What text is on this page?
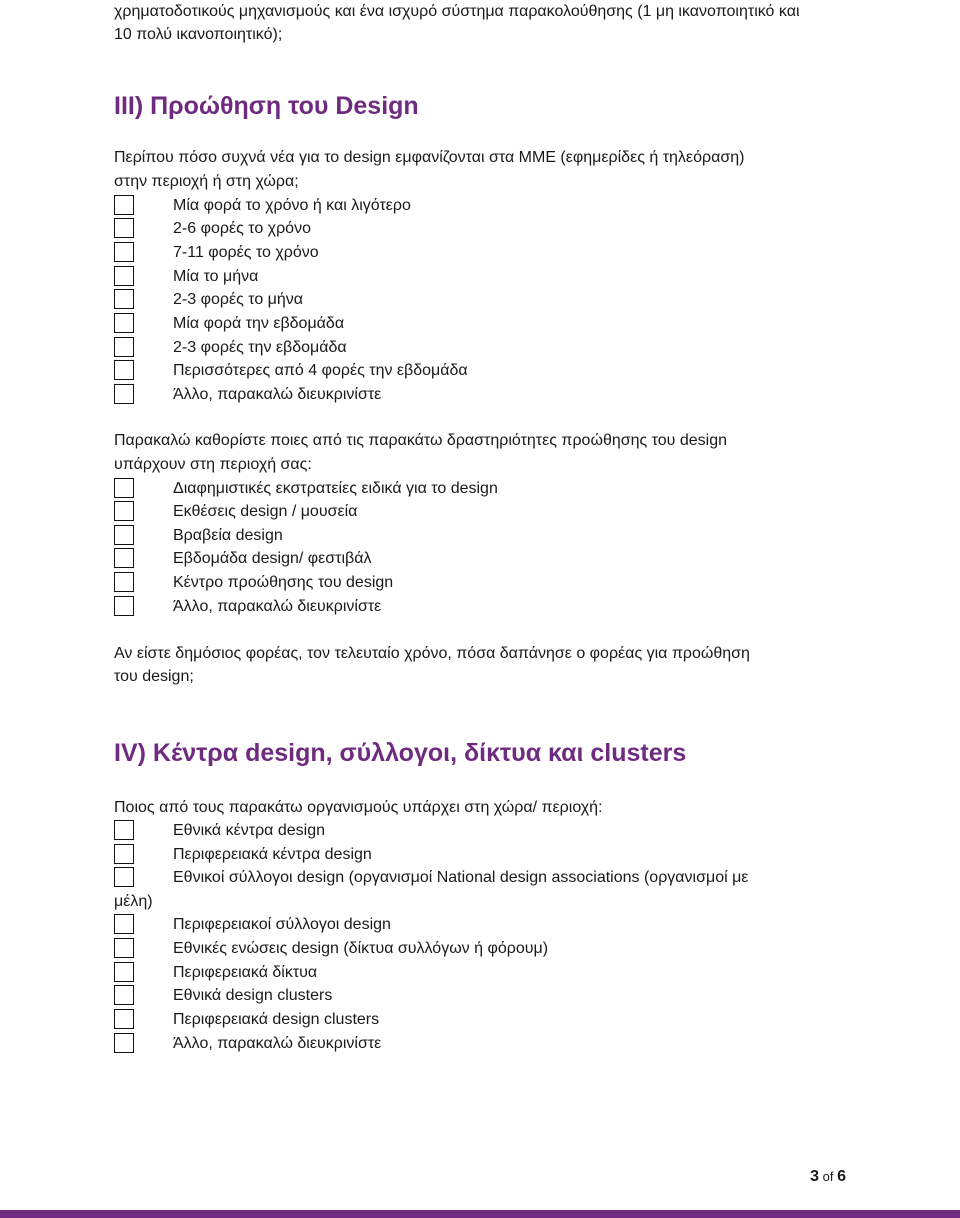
χρηματοδοτικούς μηχανισμούς και ένα ισχυρό σύστημα παρακολούθησης (1 μη ικανοποιητικό και
10 πολύ ικανοποιητικό);
ΙΙΙ) Προώθηση του Design
Περίπου πόσο συχνά νέα για το design εμφανίζονται στα ΜΜΕ (εφημερίδες ή τηλεόραση)
στην περιοχή ή στη χώρα;
Μία φορά το χρόνο ή και λιγότερο
2-6 φορές το χρόνο
7-11 φορές το χρόνο
Μία το μήνα
2-3 φορές το μήνα
Μία φορά την εβδομάδα
2-3 φορές την εβδομάδα
Περισσότερες από 4 φορές την εβδομάδα
Άλλο, παρακαλώ διευκρινίστε
Παρακαλώ καθορίστε ποιες από τις παρακάτω δραστηριότητες προώθησης του design
υπάρχουν στη περιοχή σας:
Διαφημιστικές εκστρατείες ειδικά για το design
Εκθέσεις design / μουσεία
Βραβεία design
Εβδομάδα design/ φεστιβάλ
Κέντρο προώθησης του design
Άλλο, παρακαλώ διευκρινίστε
Αν είστε δημόσιος φορέας, τον τελευταίο χρόνο, πόσα δαπάνησε ο φορέας για προώθηση
του design;
IV) Κέντρα design, σύλλογοι, δίκτυα και clusters
Ποιος από τους παρακάτω οργανισμούς υπάρχει στη χώρα/ περιοχή:
Εθνικά κέντρα design
Περιφερειακά κέντρα design
Εθνικοί σύλλογοι design (οργανισμοί National design associations (οργανισμοί με
μέλη)
Περιφερειακοί σύλλογοι design
Εθνικές ενώσεις design (δίκτυα συλλόγων ή φόρουμ)
Περιφερειακά δίκτυα
Εθνικά design clusters
Περιφερειακά design clusters
Άλλο, παρακαλώ διευκρινίστε
3 of 6
